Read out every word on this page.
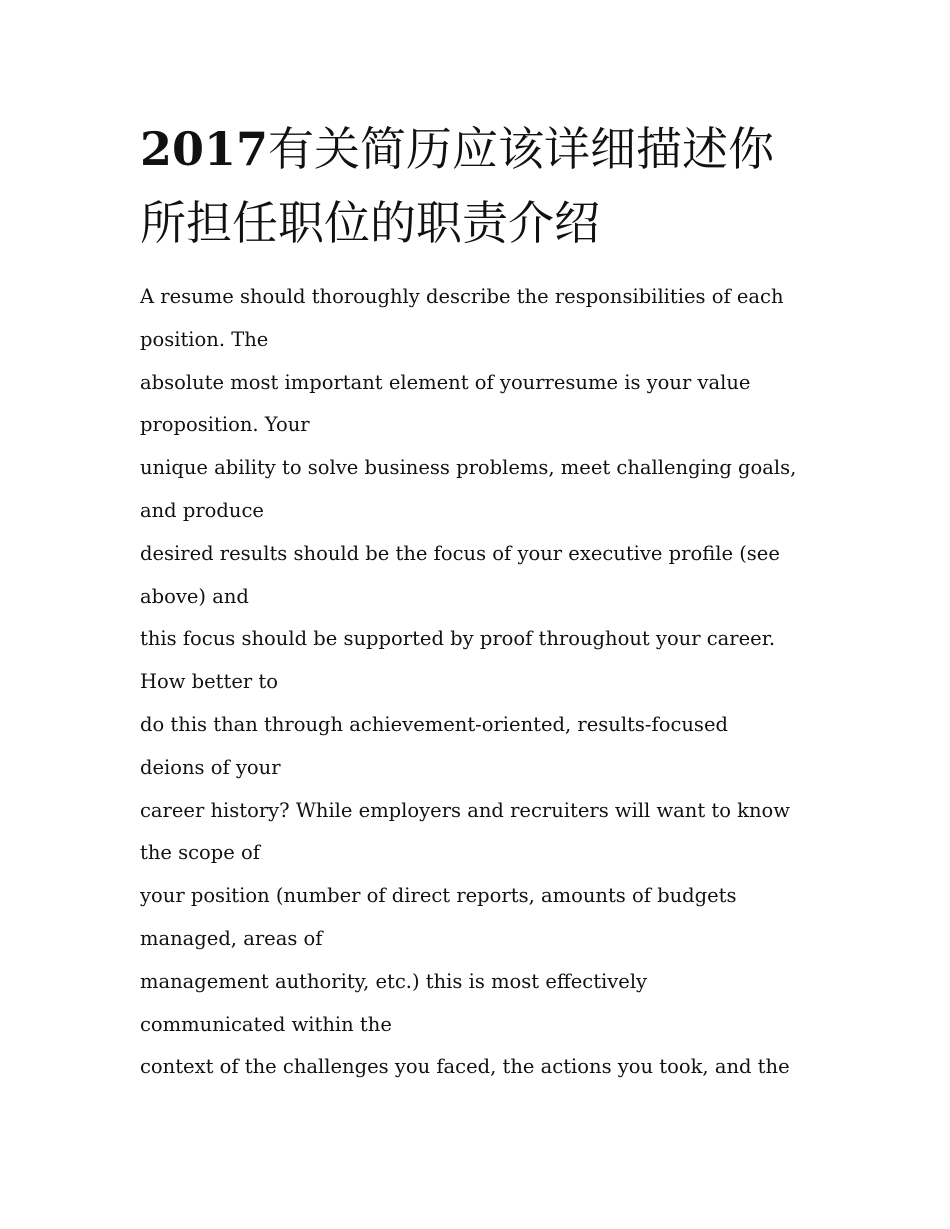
2017有关简历应该详细描述你
所担任职位的职责介绍
A resume should thoroughly describe the responsibilities of each
position. The
absolute most important element of yourresume is your value
proposition. Your
unique ability to solve business problems, meet challenging goals,
and produce
desired results should be the focus of your executive profile (see
above) and
this focus should be supported by proof throughout your career.
How better to
do this than through achievement-oriented, results-focused
deions of your
career history? While employers and recruiters will want to know
the scope of
your position (number of direct reports, amounts of budgets
managed, areas of
management authority, etc.) this is most effectively
communicated within the
context of the challenges you faced, the actions you took, and the
